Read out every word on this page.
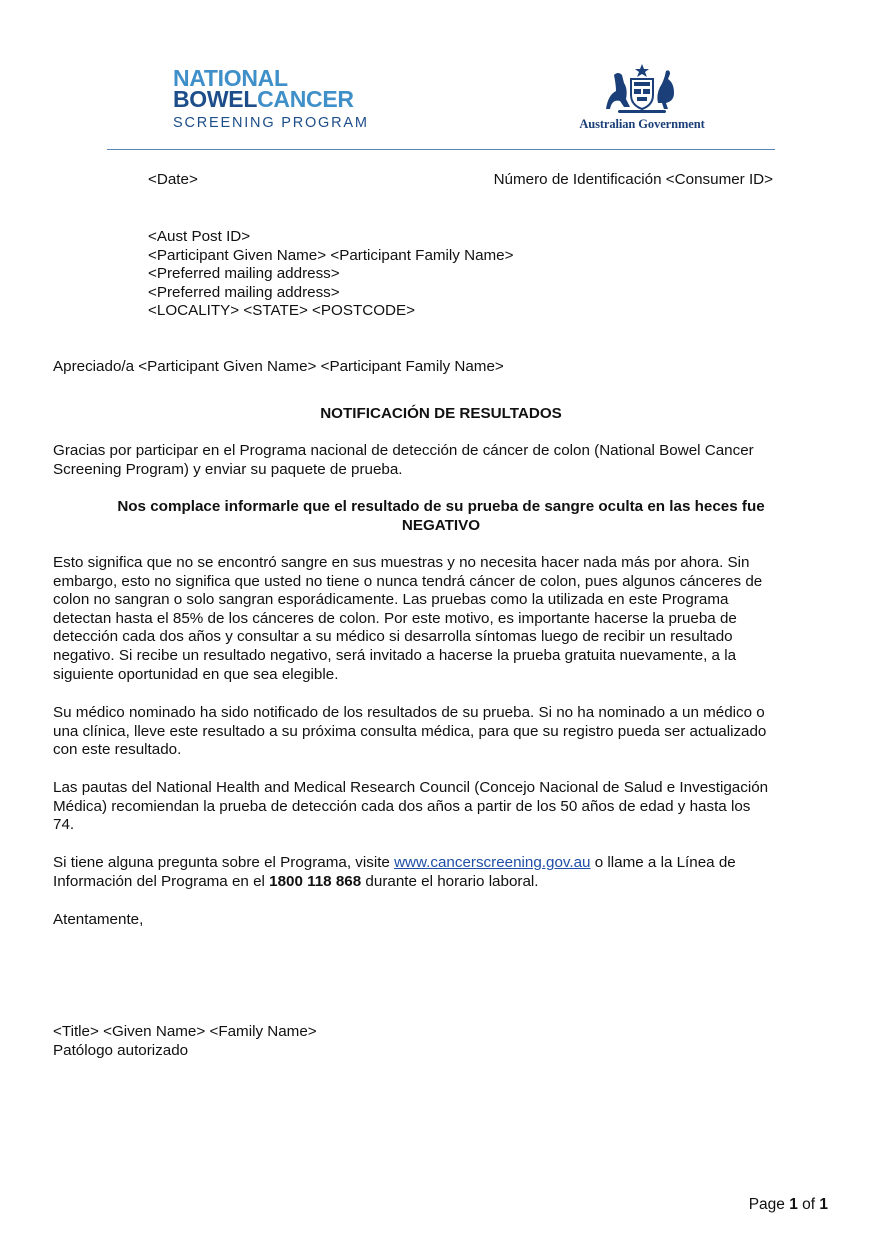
NATIONAL
BOWELCANCER
SCREENING PROGRAM	Australian Government

<Date>	Número de Identificación <Consumer ID>

<Aust Post ID>

<Participant Given Name> <Participant Family Name>

<Preferred mailing address>

<Preferred mailing address>

<LOCALITY> <STATE> <POSTCODE>

Apreciado/a <Participant Given Name> <Participant Family Name>

NOTIFICACIÓN DE RESULTADOS

Gracias por participar en el Programa nacional de detección de cáncer de colon (National Bowel Cancer

Screening Program) y enviar su paquete de prueba.

Nos complace informarle que el resultado de su prueba de sangre oculta en las heces fue

NEGATIVO

Esto significa que no se encontró sangre en sus muestras y no necesita hacer nada más por ahora. Sin

embargo, esto no significa que usted no tiene o nunca tendrá cáncer de colon, pues algunos cánceres de

colon no sangran o solo sangran esporádicamente. Las pruebas como la utilizada en este Programa

detectan hasta el 85% de los cánceres de colon. Por este motivo, es importante hacerse la prueba de

detección cada dos años y consultar a su médico si desarrolla síntomas luego de recibir un resultado

negativo. Si recibe un resultado negativo, será invitado a hacerse la prueba gratuita nuevamente, a la

siguiente oportunidad en que sea elegible.

Su médico nominado ha sido notificado de los resultados de su prueba. Si no ha nominado a un médico o

una clínica, lleve este resultado a su próxima consulta médica, para que su registro pueda ser actualizado

con este resultado.

Las pautas del National Health and Medical Research Council (Concejo Nacional de Salud e Investigación

Médica) recomiendan la prueba de detección cada dos años a partir de los 50 años de edad y hasta los

74.

Si tiene alguna pregunta sobre el Programa, visite www.cancerscreening.gov.au o llame a la Línea de

Información del Programa en el 1800 118 868 durante el horario laboral.

Atentamente,

<Title> <Given Name> <Family Name>

Patólogo autorizado

Page 1 of 1
